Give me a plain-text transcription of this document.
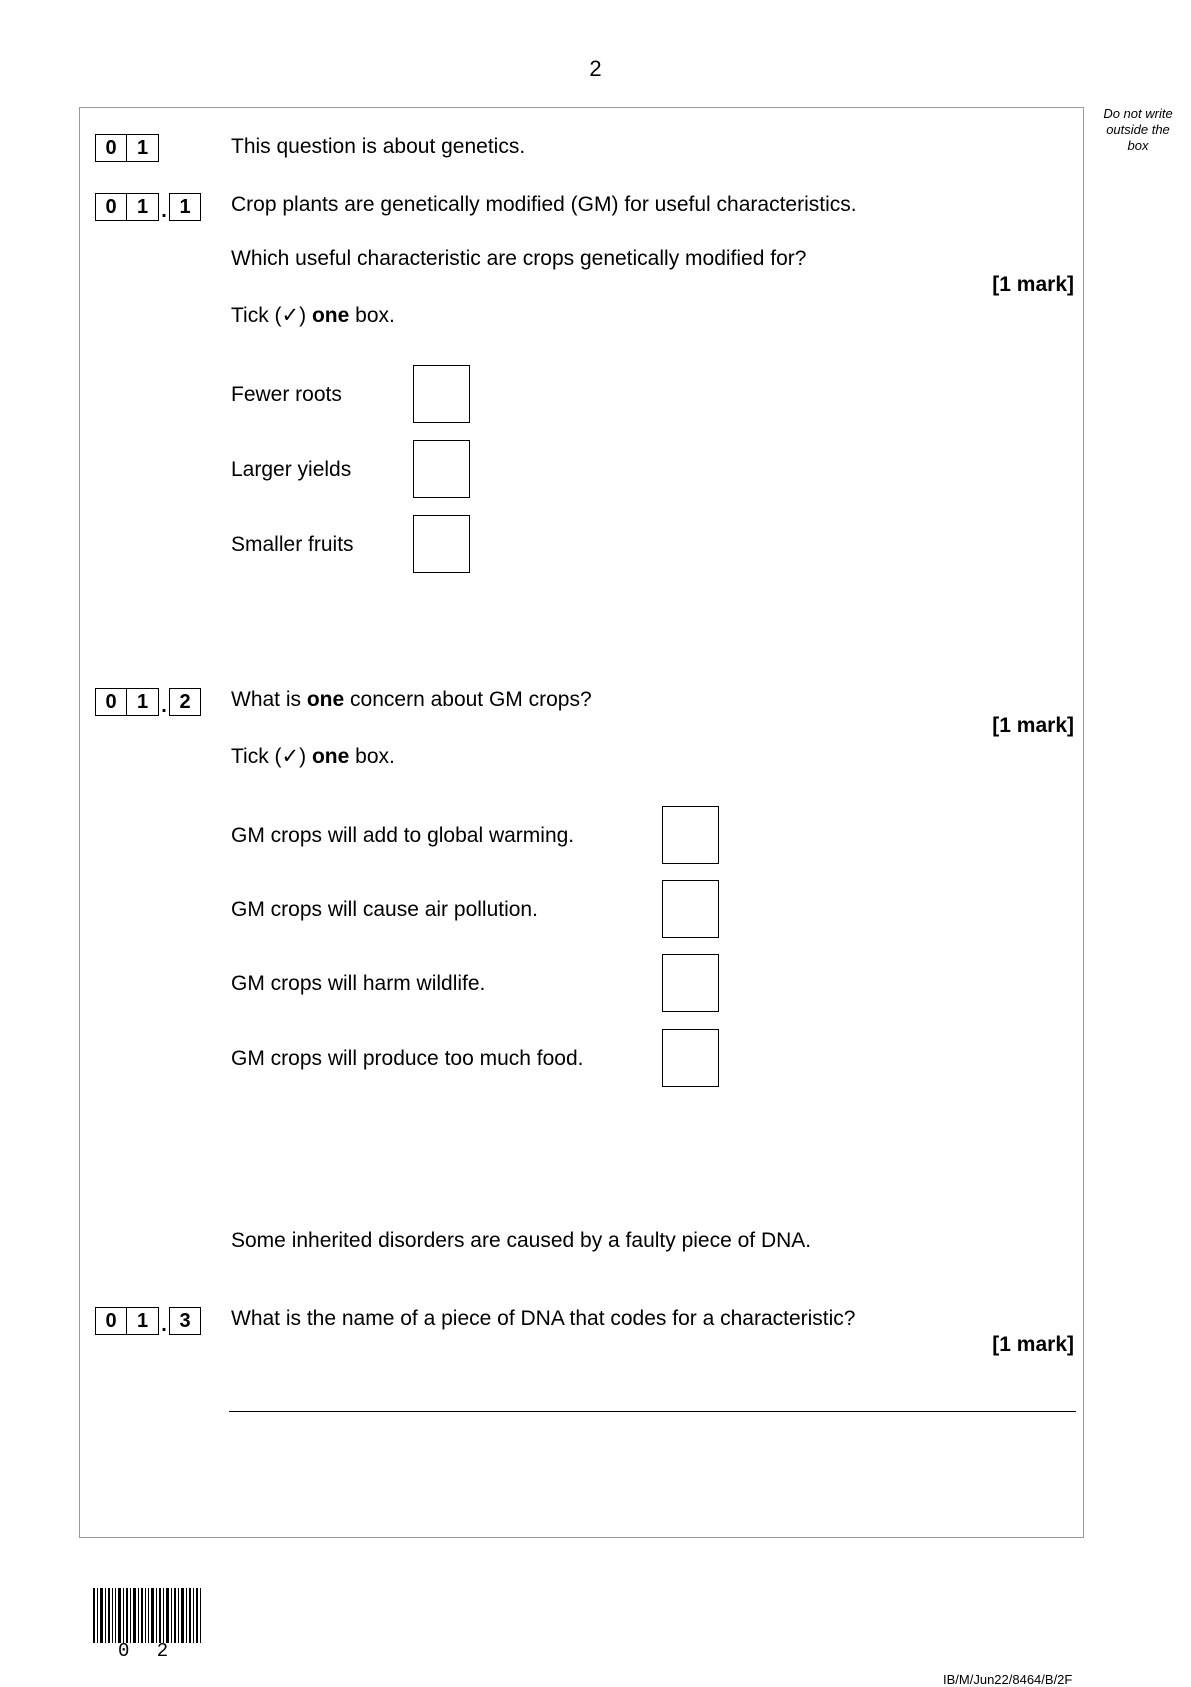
2
Do not write
outside the
box
0	1	This question is about genetics.
0	1 . 1	Crop plants are genetically modified (GM) for useful characteristics.
Which useful characteristic are crops genetically modified for?
[1 mark]
Tick (✓) one box.
Fewer roots
Larger yields
Smaller fruits
0	1 . 2	What is one concern about GM crops?
[1 mark]
Tick (✓) one box.
GM crops will add to global warming.
GM crops will cause air pollution.
GM crops will harm wildlife.
GM crops will produce too much food.
Some inherited disorders are caused by a faulty piece of DNA.
0	1 . 3	What is the name of a piece of DNA that codes for a characteristic?
[1 mark]
0 2
IB/M/Jun22/8464/B/2F
